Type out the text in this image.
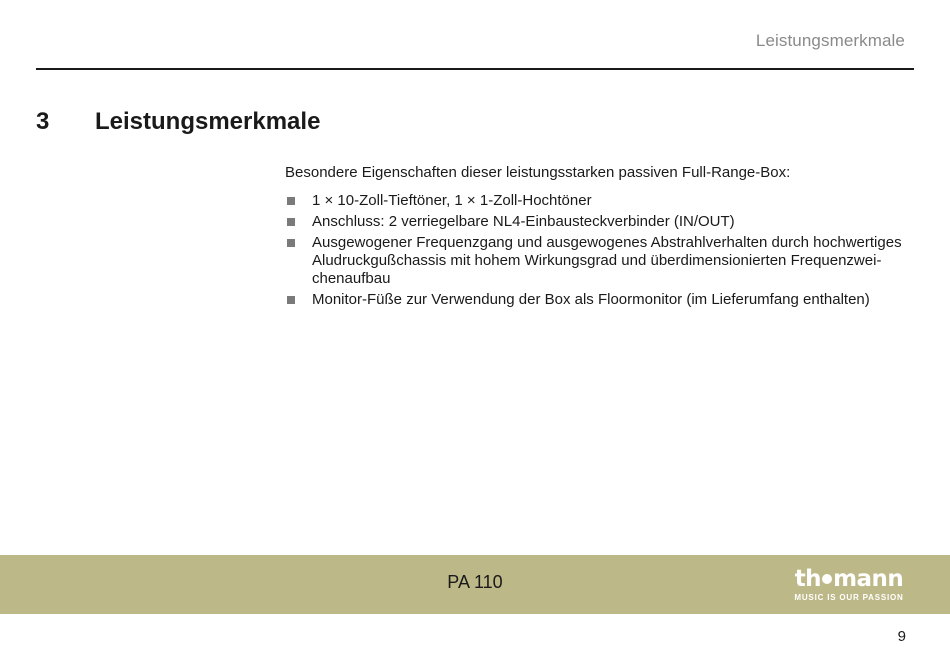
Leistungsmerkmale
3	Leistungsmerkmale

Besondere Eigenschaften dieser leistungsstarken passiven Full-Range-Box:

1 × 10-Zoll-Tieftöner, 1 × 1-Zoll-Hochtöner
Anschluss: 2 verriegelbare NL4-Einbausteckverbinder (IN/OUT)
Ausgewogener Frequenzgang und ausgewogenes Abstrahlverhalten durch hochwertiges Aludruckgußchassis mit hohem Wirkungsgrad und überdimensionierten Frequenzwei-chenaufbau
Monitor-Füße zur Verwendung der Box als Floormonitor (im Lieferumfang enthalten)
PA 110	th mann
MUSIC IS OUR PASSION
9
